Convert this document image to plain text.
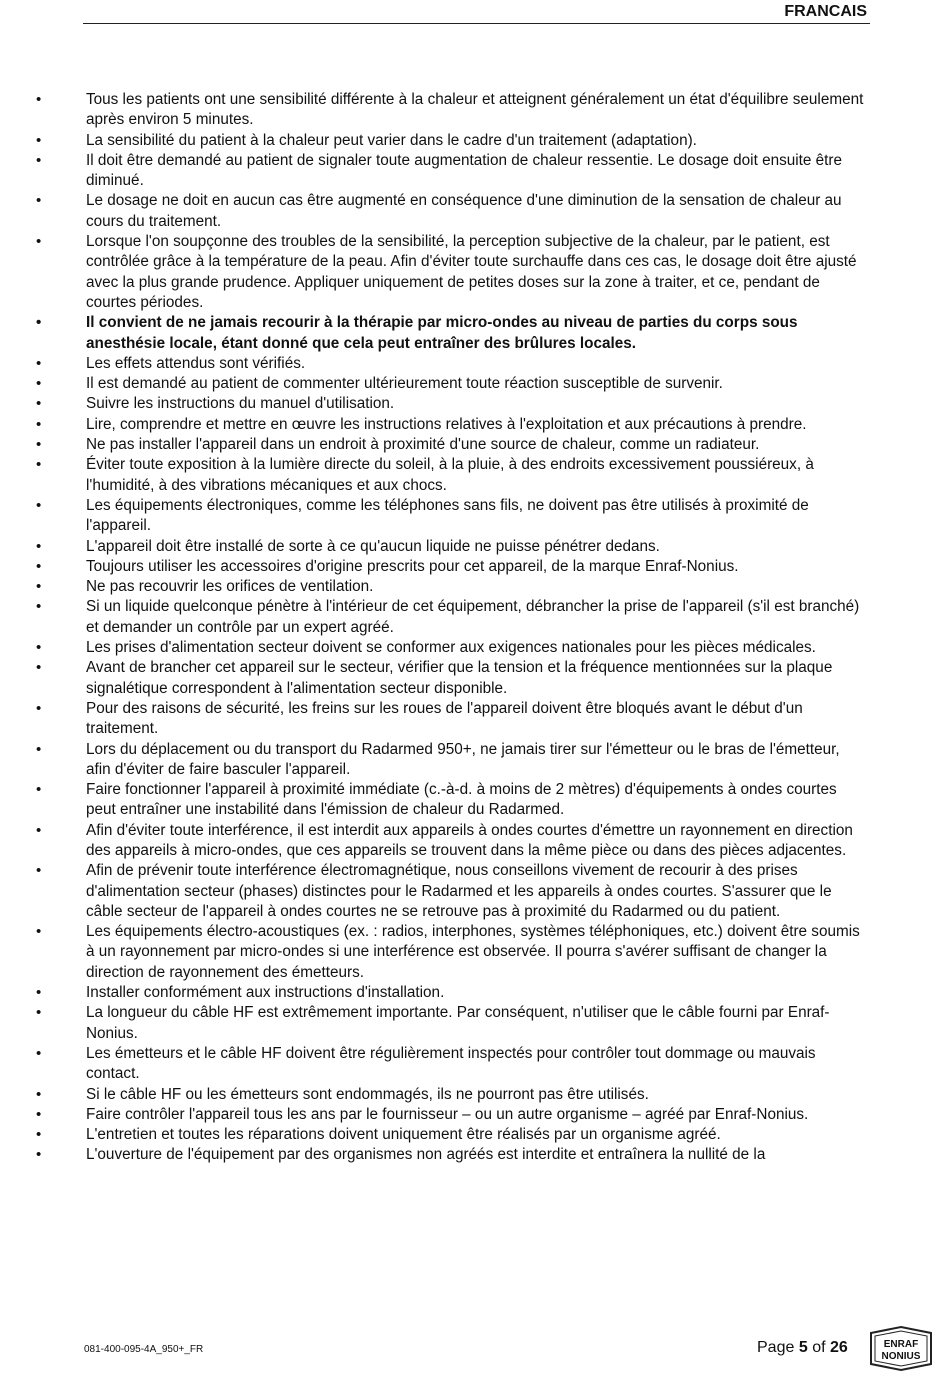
FRANCAIS
• Tous les patients ont une sensibilité différente à la chaleur et atteignent généralement un état d'équilibre seulement après environ 5 minutes.
• La sensibilité du patient à la chaleur peut varier dans le cadre d'un traitement (adaptation).
• Il doit être demandé au patient de signaler toute augmentation de chaleur ressentie. Le dosage doit ensuite être diminué.
• Le dosage ne doit en aucun cas être augmenté en conséquence d'une diminution de la sensation de chaleur au cours du traitement.
• Lorsque l'on soupçonne des troubles de la sensibilité, la perception subjective de la chaleur, par le patient, est contrôlée grâce à la température de la peau. Afin d'éviter toute surchauffe dans ces cas, le dosage doit être ajusté avec la plus grande prudence. Appliquer uniquement de petites doses sur la zone à traiter, et ce, pendant de courtes périodes.
• Il convient de ne jamais recourir à la thérapie par micro-ondes au niveau de parties du corps sous anesthésie locale, étant donné que cela peut entraîner des brûlures locales.
• Les effets attendus sont vérifiés.
• Il est demandé au patient de commenter ultérieurement toute réaction susceptible de survenir.
• Suivre les instructions du manuel d'utilisation.
• Lire, comprendre et mettre en œuvre les instructions relatives à l'exploitation et aux précautions à prendre.
• Ne pas installer l'appareil dans un endroit à proximité d'une source de chaleur, comme un radiateur.
• Éviter toute exposition à la lumière directe du soleil, à la pluie, à des endroits excessivement poussiéreux, à l'humidité, à des vibrations mécaniques et aux chocs.
• Les équipements électroniques, comme les téléphones sans fils, ne doivent pas être utilisés à proximité de l'appareil.
• L'appareil doit être installé de sorte à ce qu'aucun liquide ne puisse pénétrer dedans.
• Toujours utiliser les accessoires d'origine prescrits pour cet appareil, de la marque Enraf-Nonius.
• Ne pas recouvrir les orifices de ventilation.
• Si un liquide quelconque pénètre à l'intérieur de cet équipement, débrancher la prise de l'appareil (s'il est branché) et demander un contrôle par un expert agréé.
• Les prises d'alimentation secteur doivent se conformer aux exigences nationales pour les pièces médicales.
• Avant de brancher cet appareil sur le secteur, vérifier que la tension et la fréquence mentionnées sur la plaque signalétique correspondent à l'alimentation secteur disponible.
• Pour des raisons de sécurité, les freins sur les roues de l'appareil doivent être bloqués avant le début d'un traitement.
• Lors du déplacement ou du transport du Radarmed 950+, ne jamais tirer sur l'émetteur ou le bras de l'émetteur, afin d'éviter de faire basculer l'appareil.
• Faire fonctionner l'appareil à proximité immédiate (c.-à-d. à moins de 2 mètres) d'équipements à ondes courtes peut entraîner une instabilité dans l'émission de chaleur du Radarmed.
• Afin d'éviter toute interférence, il est interdit aux appareils à ondes courtes d'émettre un rayonnement en direction des appareils à micro-ondes, que ces appareils se trouvent dans la même pièce ou dans des pièces adjacentes.
• Afin de prévenir toute interférence électromagnétique, nous conseillons vivement de recourir à des prises d'alimentation secteur (phases) distinctes pour le Radarmed et les appareils à ondes courtes. S'assurer que le câble secteur de l'appareil à ondes courtes ne se retrouve pas à proximité du Radarmed ou du patient.
• Les équipements électro-acoustiques (ex. : radios, interphones, systèmes téléphoniques, etc.) doivent être soumis à un rayonnement par micro-ondes si une interférence est observée. Il pourra s'avérer suffisant de changer la direction de rayonnement des émetteurs.
• Installer conformément aux instructions d'installation.
• La longueur du câble HF est extrêmement importante. Par conséquent, n'utiliser que le câble fourni par Enraf-Nonius.
• Les émetteurs et le câble HF doivent être régulièrement inspectés pour contrôler tout dommage ou mauvais contact.
• Si le câble HF ou les émetteurs sont endommagés, ils ne pourront pas être utilisés.
• Faire contrôler l'appareil tous les ans par le fournisseur – ou un autre organisme – agréé par Enraf-Nonius.
• L'entretien et toutes les réparations doivent uniquement être réalisés par un organisme agréé.
• L'ouverture de l'équipement par des organismes non agréés est interdite et entraînera la nullité de la
081-400-095-4A_950+_FR	Page 5 of 26	ENRAF
NONIUS
